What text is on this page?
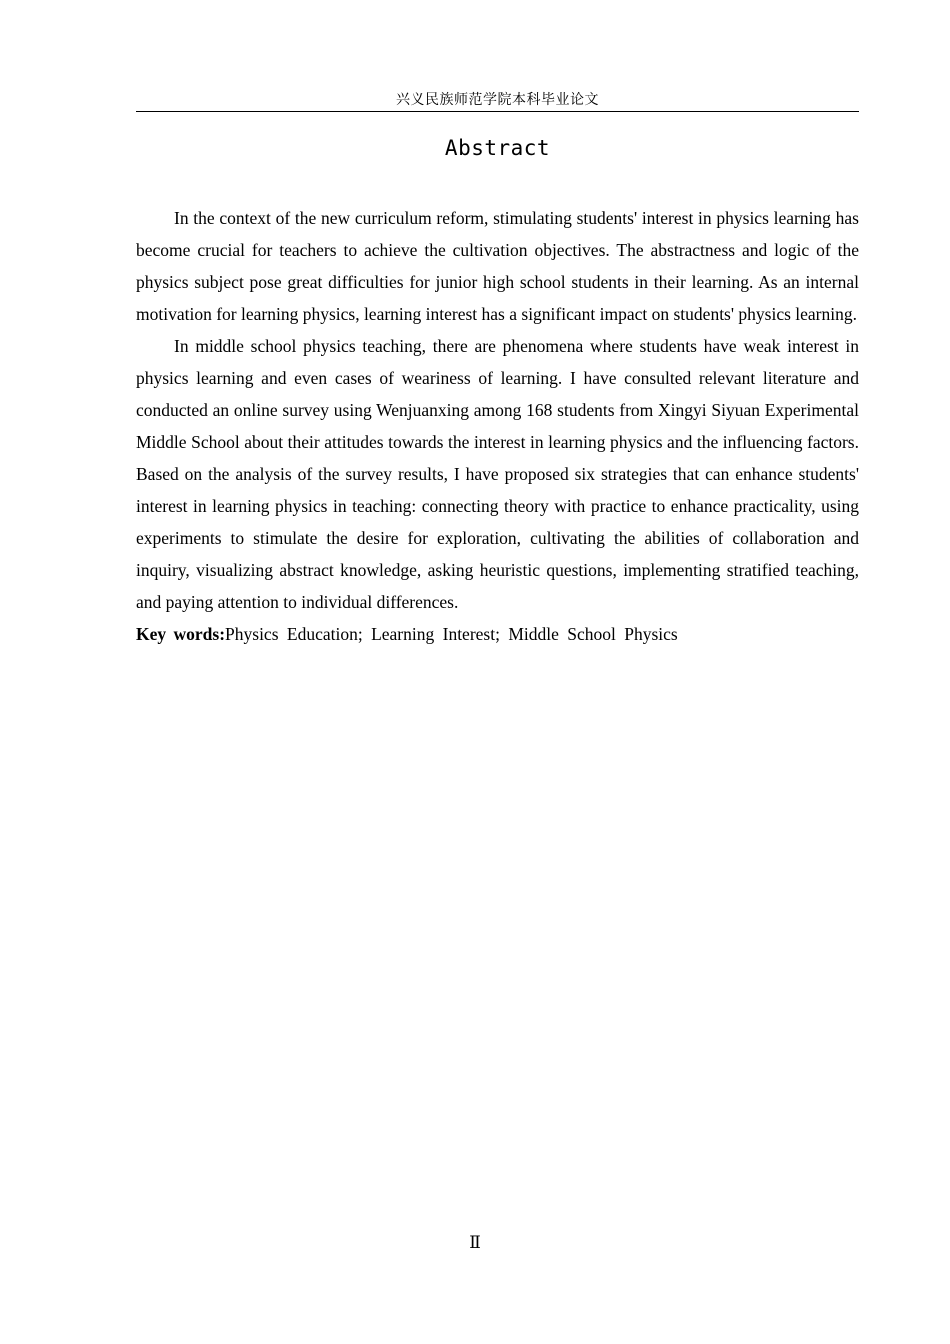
兴义民族师范学院本科毕业论文
Abstract

In the context of the new curriculum reform, stimulating students' interest in physics learning has become crucial for teachers to achieve the cultivation objectives. The abstractness and logic of the physics subject pose great difficulties for junior high school students in their learning. As an internal motivation for learning physics, learning interest has a significant impact on students' physics learning.

In middle school physics teaching, there are phenomena where students have weak interest in physics learning and even cases of weariness of learning. I have consulted relevant literature and conducted an online survey using Wenjuanxing among 168 students from Xingyi Siyuan Experimental Middle School about their attitudes towards the interest in learning physics and the influencing factors. Based on the analysis of the survey results, I have proposed six strategies that can enhance students' interest in learning physics in teaching: connecting theory with practice to enhance practicality, using experiments to stimulate the desire for exploration, cultivating the abilities of collaboration and inquiry, visualizing abstract knowledge, asking heuristic questions, implementing stratified teaching, and paying attention to individual differences.

Key words:Physics Education; Learning Interest; Middle School Physics
Ⅱ
